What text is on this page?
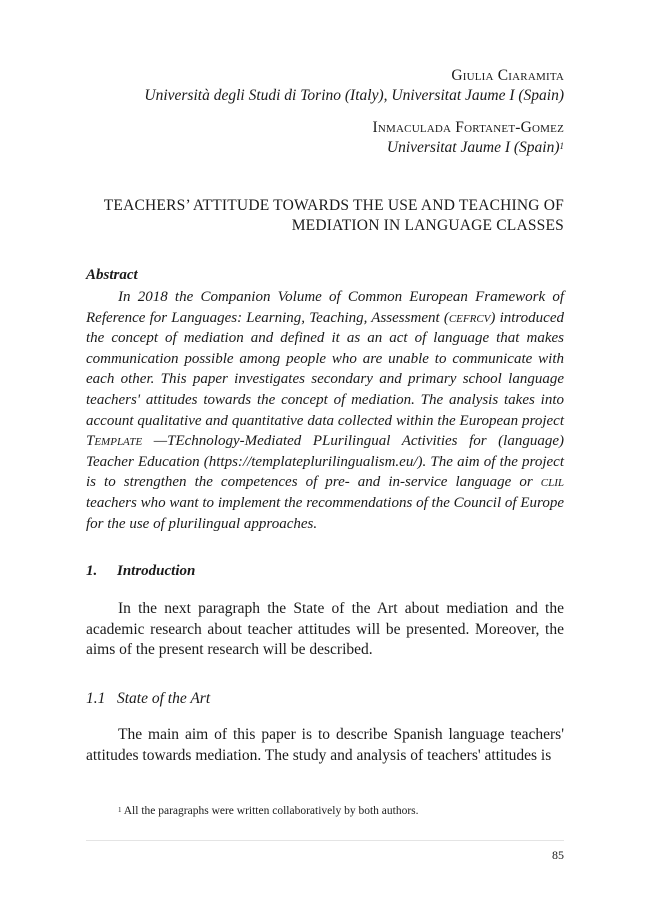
Giulia Ciaramita
Università degli Studi di Torino (Italy), Universitat Jaume I (Spain)
Inmaculada Fortanet-Gomez
Universitat Jaume I (Spain)$^1$
TEACHERS’ ATTITUDE TOWARDS THE USE AND TEACHING OF
MEDIATION IN LANGUAGE CLASSES
Abstract

In 2018 the Companion Volume of Common European Framework of Reference for Languages: Learning, Teaching, Assessment (cefrcv) introduced the concept of mediation and defined it as an act of language that makes communication possible among people who are unable to communicate with each other. This paper investigates secondary and primary school language teachers' attitudes towards the concept of mediation. The analysis takes into account qualitative and quantitative data collected within the European project Template —TEchnology-Mediated PLurilingual Activities for (language) Teacher Education (https://templateplurilingualism.eu/). The aim of the project is to strengthen the competences of pre- and in-service language or clil teachers who want to implement the recommendations of the Council of Europe for the use of plurilingual approaches.

1. Introduction

In the next paragraph the State of the Art about mediation and the academic research about teacher attitudes will be presented. Moreover, the aims of the present research will be described.

1.1 State of the Art

The main aim of this paper is to describe Spanish language teachers' attitudes towards mediation. The study and analysis of teachers' attitudes is

$^1$ All the paragraphs were written collaboratively by both authors.
85
